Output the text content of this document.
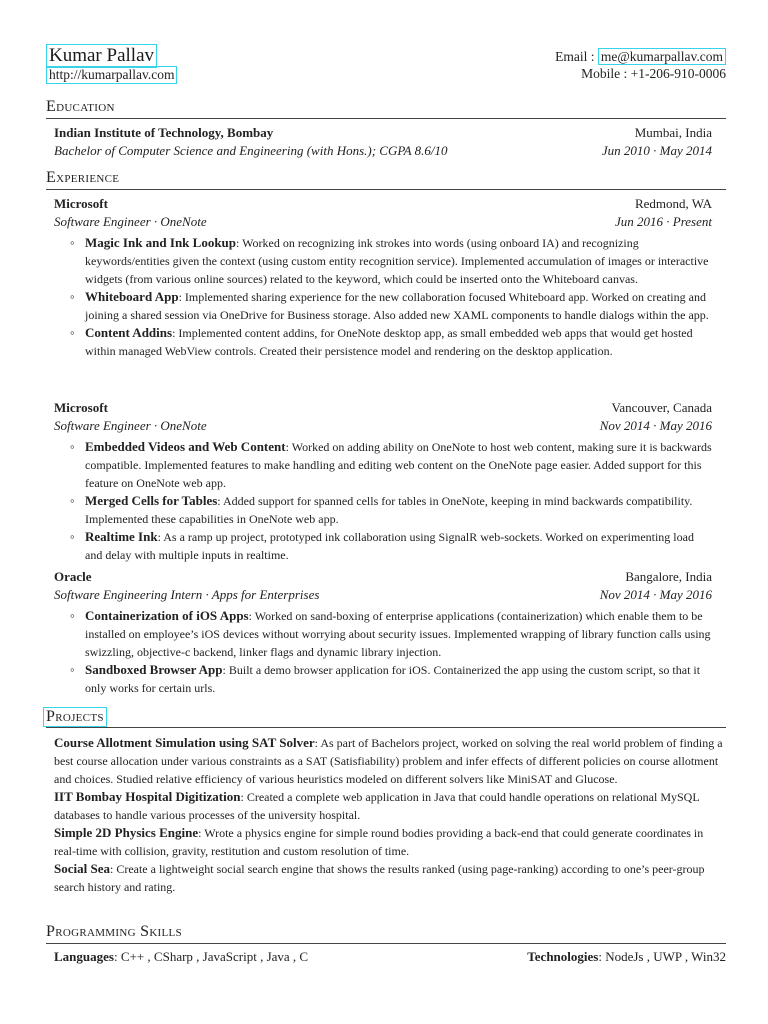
Kumar Pallav
http://kumarpallav.com
Email : me@kumarpallav.com
Mobile : +1-206-910-0006
Education
Indian Institute of Technology, Bombay	Mumbai, India
Bachelor of Computer Science and Engineering (with Hons.); CGPA 8.6/10	Jun 2010 · May 2014
Experience
Microsoft	Redmond, WA
Software Engineer · OneNote	Jun 2016 · Present
◦ Magic Ink and Ink Lookup: Worked on recognizing ink strokes into words (using onboard IA) and recognizing keywords/entities given the context (using custom entity recognition service). Implemented accumulation of images or interactive widgets (from various online sources) related to the keyword, which could be inserted onto the Whiteboard canvas.
◦ Whiteboard App: Implemented sharing experience for the new collaboration focused Whiteboard app. Worked on creating and joining a shared session via OneDrive for Business storage. Also added new XAML components to handle dialogs within the app.
◦ Content Addins: Implemented content addins, for OneNote desktop app, as small embedded web apps that would get hosted within managed WebView controls. Created their persistence model and rendering on the desktop application.
Microsoft	Vancouver, Canada
Software Engineer · OneNote	Nov 2014 · May 2016
◦ Embedded Videos and Web Content: Worked on adding ability on OneNote to host web content, making sure it is backwards compatible. Implemented features to make handling and editing web content on the OneNote page easier. Added support for this feature on OneNote web app.
◦ Merged Cells for Tables: Added support for spanned cells for tables in OneNote, keeping in mind backwards compatibility. Implemented these capabilities in OneNote web app.
◦ Realtime Ink: As a ramp up project, prototyped ink collaboration using SignalR web-sockets. Worked on experimenting load and delay with multiple inputs in realtime.
Oracle	Bangalore, India
Software Engineering Intern · Apps for Enterprises	Nov 2014 · May 2016
◦ Containerization of iOS Apps: Worked on sand-boxing of enterprise applications (containerization) which enable them to be installed on employee’s iOS devices without worrying about security issues. Implemented wrapping of library function calls using swizzling, objective-c backend, linker flags and dynamic library injection.
◦ Sandboxed Browser App: Built a demo browser application for iOS. Containerized the app using the custom script, so that it only works for certain urls.
Projects

Course Allotment Simulation using SAT Solver: As part of Bachelors project, worked on solving the real world problem of finding a best course allocation under various constraints as a SAT (Satisfiability) problem and infer effects of different policies on course allotment and choices. Studied relative efficiency of various heuristics modeled on different solvers like MiniSAT and Glucose.

IIT Bombay Hospital Digitization: Created a complete web application in Java that could handle operations on relational MySQL databases to handle various processes of the university hospital.

Simple 2D Physics Engine: Wrote a physics engine for simple round bodies providing a back-end that could generate coordinates in real-time with collision, gravity, restitution and custom resolution of time.

Social Sea: Create a lightweight social search engine that shows the results ranked (using page-ranking) according to one’s peer-group search history and rating.

Programming Skills
Languages: C++ , CSharp , JavaScript , Java , C	Technologies: NodeJs , UWP , Win32
